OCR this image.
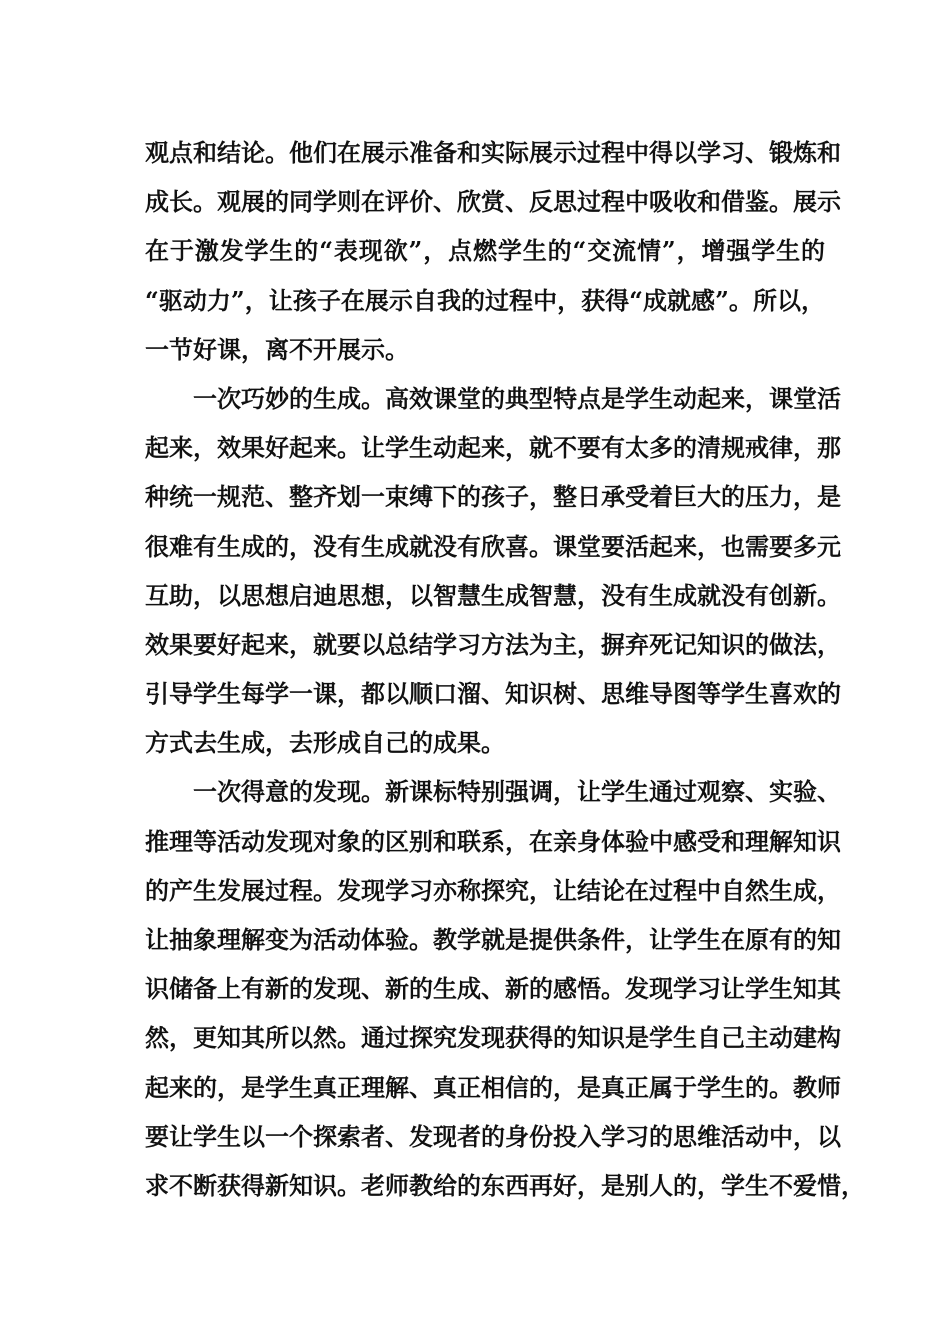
观点和结论。他们在展示准备和实际展示过程中得以学习、锻炼和
成长。观展的同学则在评价、欣赏、反思过程中吸收和借鉴。展示
在于激发学生的“表现欲”，点燃学生的“交流情”，增强学生的
“驱动力”，让孩子在展示自我的过程中，获得“成就感”。所以，
一节好课，离不开展示。
　　一次巧妙的生成。高效课堂的典型特点是学生动起来，课堂活
起来，效果好起来。让学生动起来，就不要有太多的清规戒律，那
种统一规范、整齐划一束缚下的孩子，整日承受着巨大的压力，是
很难有生成的，没有生成就没有欣喜。课堂要活起来，也需要多元
互助，以思想启迪思想，以智慧生成智慧，没有生成就没有创新。
效果要好起来，就要以总结学习方法为主，摒弃死记知识的做法，
引导学生每学一课，都以顺口溜、知识树、思维导图等学生喜欢的
方式去生成，去形成自己的成果。
　　一次得意的发现。新课标特别强调，让学生通过观察、实验、
推理等活动发现对象的区别和联系，在亲身体验中感受和理解知识
的产生发展过程。发现学习亦称探究，让结论在过程中自然生成，
让抽象理解变为活动体验。教学就是提供条件，让学生在原有的知
识储备上有新的发现、新的生成、新的感悟。发现学习让学生知其
然，更知其所以然。通过探究发现获得的知识是学生自己主动建构
起来的，是学生真正理解、真正相信的，是真正属于学生的。教师
要让学生以一个探索者、发现者的身份投入学习的思维活动中，以
求不断获得新知识。老师教给的东西再好，是别人的，学生不爱惜，
